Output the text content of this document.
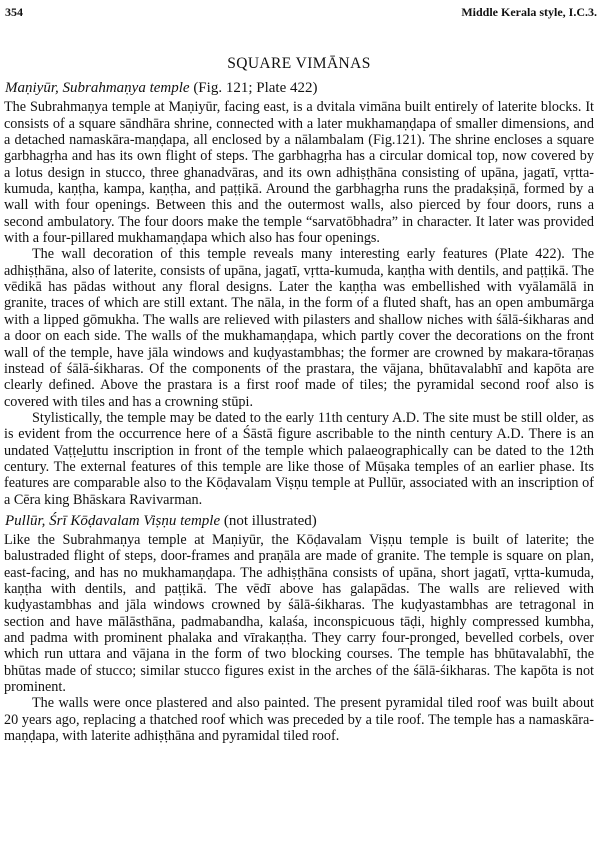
354	Middle Kerala style, I.C.3.
SQUARE VIMĀNAS
Maṇiyūr, Subrahmaṇya temple (Fig. 121; Plate 422)

The Subrahmaṇya temple at Maṇiyūr, facing east, is a dvitala vimāna built entirely of laterite blocks. It consists of a square sāndhāra shrine, connected with a later mukhamaṇḍapa of smaller dimensions, and a detached namaskāra-maṇḍapa, all enclosed by a nālambalam (Fig.121). The shrine encloses a square garbhagṛha and has its own flight of steps. The garbhagṛha has a circular domical top, now covered by a lotus design in stucco, three ghanadvāras, and its own adhiṣṭhāna consisting of upāna, jagatī, vṛtta-kumuda, kaṇṭha, kampa, kaṇṭha, and paṭṭikā. Around the garbhagṛha runs the pradakṣiṇā, formed by a wall with four openings. Between this and the outermost walls, also pierced by four doors, runs a second ambulatory. The four doors make the temple “sarvatōbhadra” in character. It later was provided with a four-pillared mukhamaṇḍapa which also has four openings.

The wall decoration of this temple reveals many interesting early features (Plate 422). The adhiṣṭhāna, also of laterite, consists of upāna, jagatī, vṛtta-kumuda, kaṇṭha with dentils, and paṭṭikā. The vēdikā has pādas without any floral designs. Later the kaṇṭha was embellished with vyālamālā in granite, traces of which are still extant. The nāla, in the form of a fluted shaft, has an open ambumārga with a lipped gōmukha. The walls are relieved with pilasters and shallow niches with śālā-śikharas and a door on each side. The walls of the mukhamaṇḍapa, which partly cover the decorations on the front wall of the temple, have jāla windows and kuḍyastambhas; the former are crowned by makara-tōraṇas instead of śālā-śikharas. Of the components of the prastara, the vājana, bhūtavalabhī and kapōta are clearly defined. Above the prastara is a first roof made of tiles; the pyramidal second roof also is covered with tiles and has a crowning stūpi.

Stylistically, the temple may be dated to the early 11th century A.D. The site must be still older, as is evident from the occurrence here of a Śāstā figure ascribable to the ninth century A.D. There is an undated Vaṭṭeḻuttu inscription in front of the temple which palaeographically can be dated to the 12th century. The external features of this temple are like those of Mūṣaka temples of an earlier phase. Its features are comparable also to the Kōḍavalam Viṣṇu temple at Pullūr, associated with an inscription of a Cēra king Bhāskara Ravivarman.

Pullūr, Śrī Kōḍavalam Viṣṇu temple (not illustrated)

Like the Subrahmaṇya temple at Maṇiyūr, the Kōḍavalam Viṣṇu temple is built of laterite; the balustraded flight of steps, door-frames and praṇāla are made of granite. The temple is square on plan, east-facing, and has no mukhamaṇḍapa. The adhiṣṭhāna consists of upāna, short jagatī, vṛtta-kumuda, kaṇṭha with dentils, and paṭṭikā. The vēdī above has galapādas. The walls are relieved with kuḍyastambhas and jāla windows crowned by śālā-śikharas. The kuḍyastambhas are tetragonal in section and have mālāsthāna, padmabandha, kalaśa, inconspicuous tāḍi, highly compressed kumbha, and padma with prominent phalaka and vīrakaṇṭha. They carry four-pronged, bevelled corbels, over which run uttara and vājana in the form of two blocking courses. The temple has bhūtavalabhī, the bhūtas made of stucco; similar stucco figures exist in the arches of the śālā-śikharas. The kapōta is not prominent.

The walls were once plastered and also painted. The present pyramidal tiled roof was built about 20 years ago, replacing a thatched roof which was preceded by a tile roof. The temple has a namaskāra-maṇḍapa, with laterite adhiṣṭhāna and pyramidal tiled roof.
